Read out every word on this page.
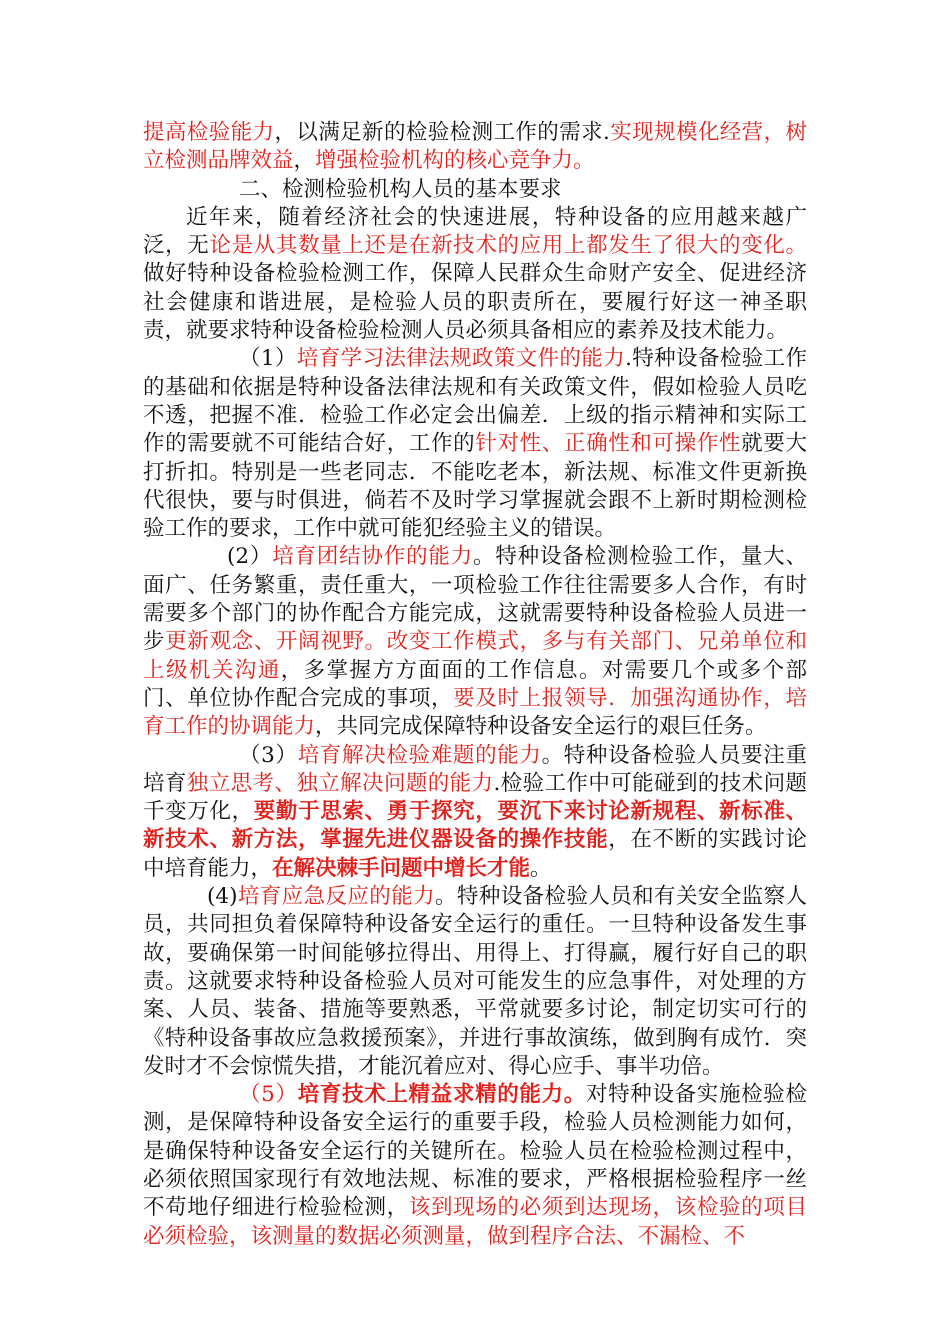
提高检验能力，以满足新的检验检测工作的需求.实现规模化经营，树立检测品牌效益，增强检验机构的核心竞争力。

二、检测检验机构人员的基本要求

近年来，随着经济社会的快速进展，特种设备的应用越来越广泛，无论是从其数量上还是在新技术的应用上都发生了很大的变化。做好特种设备检验检测工作，保障人民群众生命财产安全、促进经济社会健康和谐进展，是检验人员的职责所在，要履行好这一神圣职责，就要求特种设备检验检测人员必须具备相应的素养及技术能力。

（1）培育学习法律法规政策文件的能力.特种设备检验工作的基础和依据是特种设备法律法规和有关政策文件，假如检验人员吃不透，把握不准．检验工作必定会出偏差．上级的指示精神和实际工作的需要就不可能结合好，工作的针对性、正确性和可操作性就要大打折扣。特别是一些老同志．不能吃老本，新法规、标准文件更新换代很快，要与时俱进，倘若不及时学习掌握就会跟不上新时期检测检验工作的要求，工作中就可能犯经验主义的错误。

(2）培育团结协作的能力。特种设备检测检验工作，量大、面广、任务繁重，责任重大，一项检验工作往往需要多人合作，有时需要多个部门的协作配合方能完成，这就需要特种设备检验人员进一步更新观念、开阔视野。改变工作模式，多与有关部门、兄弟单位和上级机关沟通，多掌握方方面面的工作信息。对需要几个或多个部门、单位协作配合完成的事项，要及时上报领导．加强沟通协作，培育工作的协调能力，共同完成保障特种设备安全运行的艰巨任务。

（3）培育解决检验难题的能力。特种设备检验人员要注重培育独立思考、独立解决问题的能力.检验工作中可能碰到的技术问题千变万化，要勤于思索、勇于探究，要沉下来讨论新规程、新标准、新技术、新方法，掌握先进仪器设备的操作技能，在不断的实践讨论中培育能力，在解决棘手问题中增长才能。

(4)培育应急反应的能力。特种设备检验人员和有关安全监察人员，共同担负着保障特种设备安全运行的重任。一旦特种设备发生事故，要确保第一时间能够拉得出、用得上、打得赢，履行好自己的职责。这就要求特种设备检验人员对可能发生的应急事件，对处理的方案、人员、装备、措施等要熟悉，平常就要多讨论，制定切实可行的《特种设备事故应急救援预案》，并进行事故演练，做到胸有成竹．突发时才不会惊慌失措，才能沉着应对、得心应手、事半功倍。

（5）培育技术上精益求精的能力。对特种设备实施检验检测，是保障特种设备安全运行的重要手段，检验人员检测能力如何，是确保特种设备安全运行的关键所在。检验人员在检验检测过程中，必须依照国家现行有效地法规、标准的要求，严格根据检验程序一丝不苟地仔细进行检验检测，该到现场的必须到达现场，该检验的项目必须检验，该测量的数据必须测量，做到程序合法、不漏检、不
